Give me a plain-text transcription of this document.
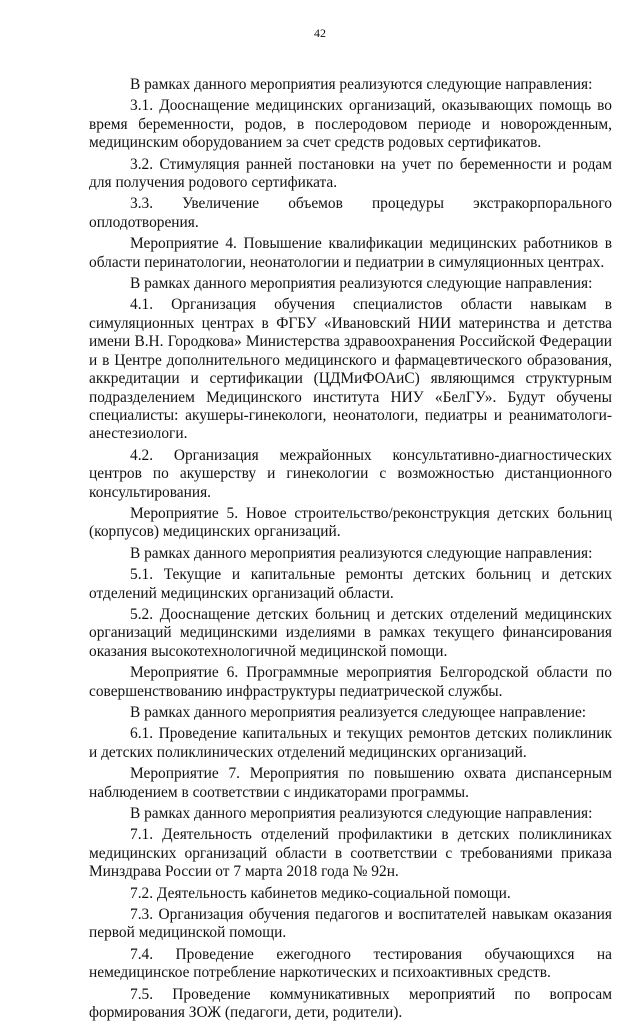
42

В рамках данного мероприятия реализуются следующие направления:

3.1. Дооснащение медицинских организаций, оказывающих помощь во время беременности, родов, в послеродовом периоде и новорожденным, медицинским оборудованием за счет средств родовых сертификатов.

3.2. Стимуляция ранней постановки на учет по беременности и родам для получения родового сертификата.

3.3. Увеличение объемов процедуры экстракорпорального оплодотворения.

Мероприятие 4. Повышение квалификации медицинских работников в области перинатологии, неонатологии и педиатрии в симуляционных центрах.

В рамках данного мероприятия реализуются следующие направления:

4.1. Организация обучения специалистов области навыкам в симуляционных центрах в ФГБУ «Ивановский НИИ материнства и детства имени В.Н. Городкова» Министерства здравоохранения Российской Федерации и в Центре дополнительного медицинского и фармацевтического образования, аккредитации и сертификации (ЦДМиФОАиС) являющимся структурным подразделением Медицинского института НИУ «БелГУ». Будут обучены специалисты: акушеры-гинекологи, неонатологи, педиатры и реаниматологи-анестезиологи.

4.2. Организация межрайонных консультативно-диагностических центров по акушерству и гинекологии с возможностью дистанционного консультирования.

Мероприятие 5. Новое строительство/реконструкция детских больниц (корпусов) медицинских организаций.

В рамках данного мероприятия реализуются следующие направления:

5.1. Текущие и капитальные ремонты детских больниц и детских отделений медицинских организаций области.

5.2. Дооснащение детских больниц и детских отделений медицинских организаций медицинскими изделиями в рамках текущего финансирования оказания высокотехнологичной медицинской помощи.

Мероприятие 6. Программные мероприятия Белгородской области по совершенствованию инфраструктуры педиатрической службы.

В рамках данного мероприятия реализуется следующее направление:

6.1. Проведение капитальных и текущих ремонтов детских поликлиник и детских поликлинических отделений медицинских организаций.

Мероприятие 7. Мероприятия по повышению охвата диспансерным наблюдением в соответствии с индикаторами программы.

В рамках данного мероприятия реализуются следующие направления:

7.1. Деятельность отделений профилактики в детских поликлиниках медицинских организаций области в соответствии с требованиями приказа Минздрава России от 7 марта 2018 года № 92н.

7.2. Деятельность кабинетов медико-социальной помощи.

7.3. Организация обучения педагогов и воспитателей навыкам оказания первой медицинской помощи.

7.4. Проведение ежегодного тестирования обучающихся на немедицинское потребление наркотических и психоактивных средств.

7.5. Проведение коммуникативных мероприятий по вопросам формирования ЗОЖ (педагоги, дети, родители).
